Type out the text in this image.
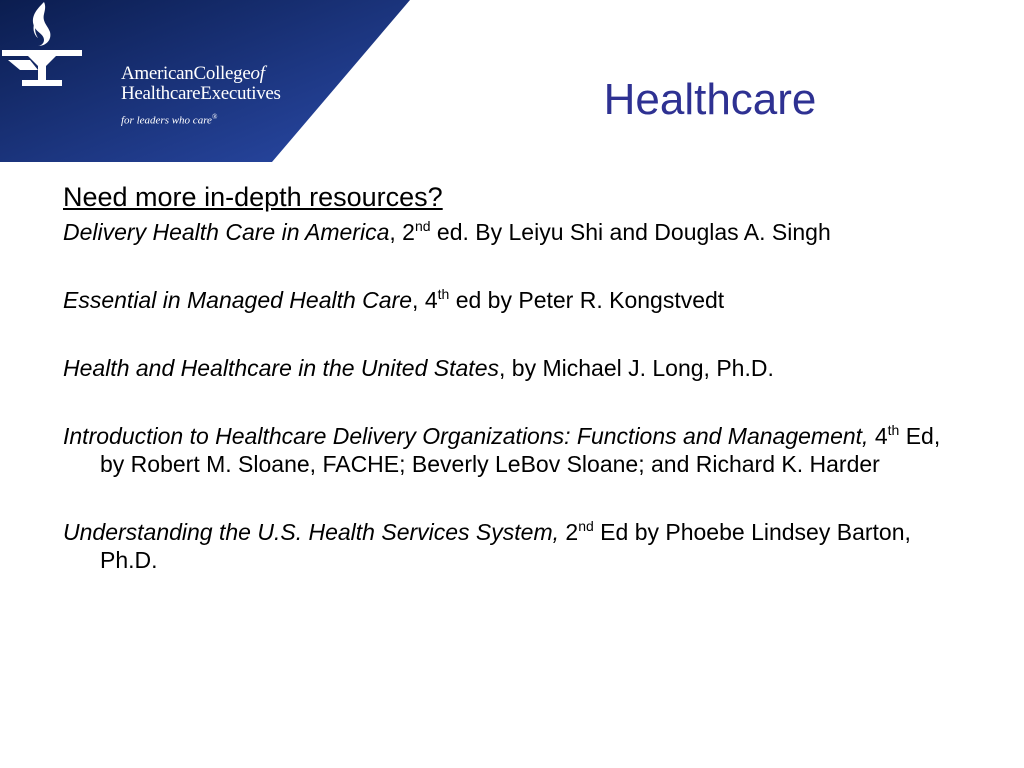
AmericanCollegeof
HealthcareExecutives
for leaders who care®	Healthcare

Need more in-depth resources?

Delivery Health Care in America, 2nd ed. By Leiyu Shi and Douglas A. Singh
Essential in Managed Health Care, 4th ed by Peter R. Kongstvedt
Health and Healthcare in the United States, by Michael J. Long, Ph.D.
Introduction to Healthcare Delivery Organizations: Functions and Management, 4th Ed, by Robert M. Sloane, FACHE; Beverly LeBov Sloane; and Richard K. Harder
Understanding the U.S. Health Services System, 2nd Ed by Phoebe Lindsey Barton, Ph.D.
